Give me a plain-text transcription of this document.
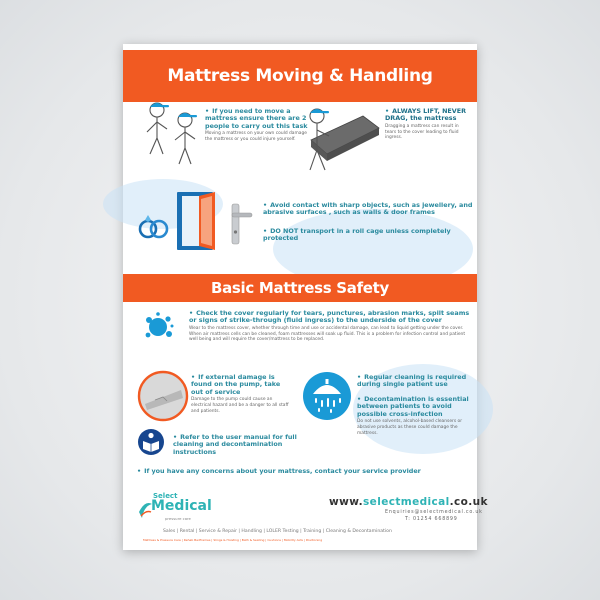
Mattress Moving & Handling
• If you need to move a mattress ensure there are 2 people to carry out this task
Moving a mattress on your own could damage the mattress or you could injure yourself.
• ALWAYS LIFT, NEVER DRAG, the mattress
Dragging a mattress can result in tears to the cover leading to fluid ingress.
• Avoid contact with sharp objects, such as jewellery, and abrasive surfaces , such as walls & door frames
• DO NOT transport in a roll cage unless completely protected
Basic Mattress Safety
• Check the cover regularly for tears, punctures, abrasion marks, spilt seams or signs of strike-through (fluid ingress) to the underside of the cover
Wear to the mattress cover, whether through time and use or accidental damage, can lead to liquid getting under the cover. When air mattress cells can be cleaned, foam mattresses will soak up fluid. This is a problem for infection control and patient well being and will require the cover/mattress to be replaced.
• If external damage is found on the pump, take out of service
Damage to the pump could cause an electrical hazard and be a danger to all staff and patients.
• Regular cleaning is required during single patient use
• Decontamination is essential between patients to avoid possible cross-infection
Do not use solvents, alcohol-based cleansers or abrasive products as these could damage the mattress.
• Refer to the user manual for full cleaning and decontamination instructions
• If you have any concerns about your mattress, contact your service provider
Select
Medical
pressure care
www.selectmedical.co.uk
Enquiries@selectmedical.co.uk
T: 01254 668899
Sales | Rental | Service & Repair | Handling | LOLER Testing | Training | Cleaning & Decontamination
Mattress & Pressure Care | Rehab Bedframes | Slings & Hoisting | Bath & Seating | Cushions | Mobility Aids | Positioning
